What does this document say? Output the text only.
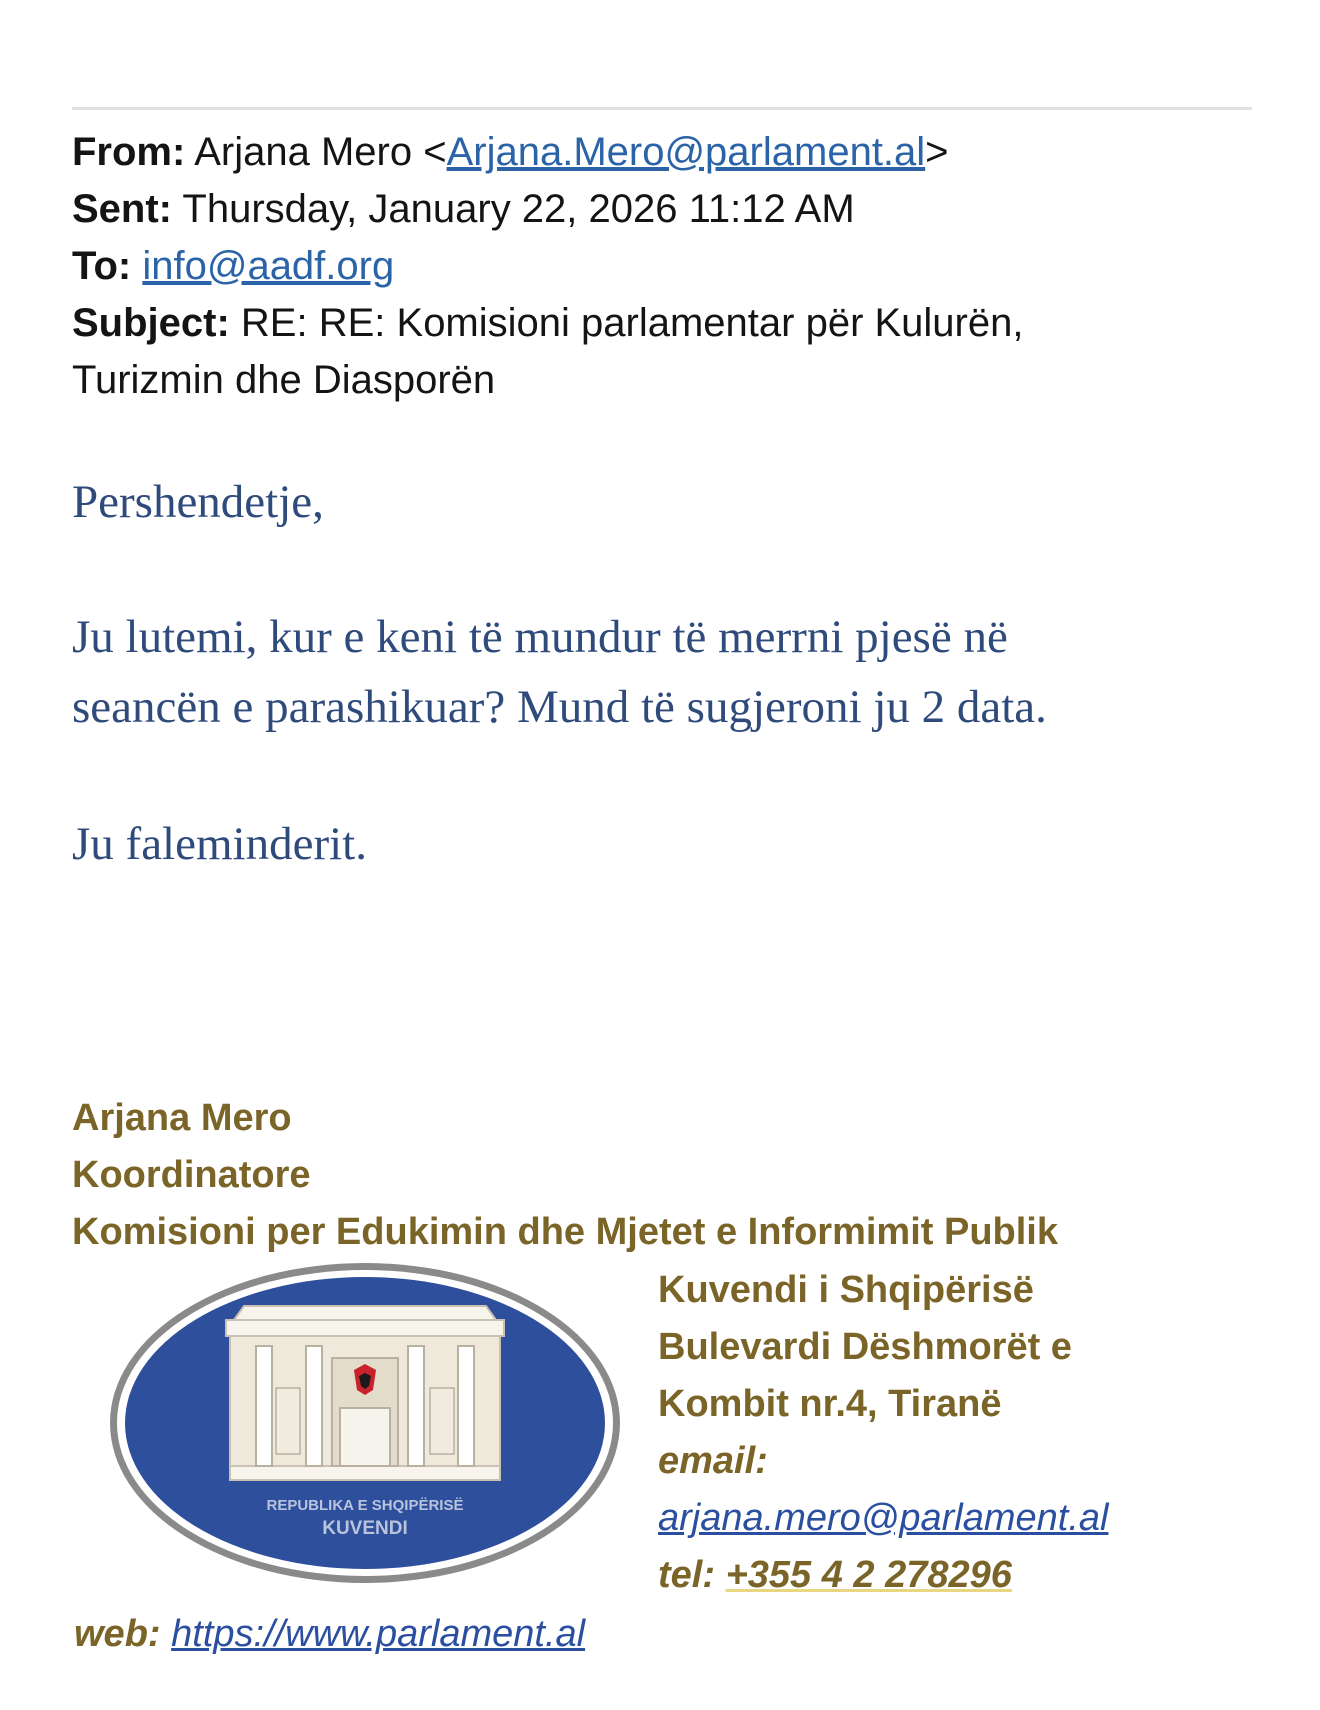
From: Arjana Mero <Arjana.Mero@parlament.al>
Sent: Thursday, January 22, 2026 11:12 AM
To: info@aadf.org
Subject: RE: RE: Komisioni parlamentar për Kulurën,
Turizmin dhe Diasporën
Pershendetje,
Ju lutemi, kur e keni të mundur të merrni pjesë në
seancën e parashikuar? Mund të sugjeroni ju 2 data.
Ju faleminderit.
Arjana Mero
Koordinatore
Komisioni per Edukimin dhe Mjetet e Informimit Publik
REPUBLIKA E SHQIPËRISË
KUVENDI
Kuvendi i Shqipërisë
Bulevardi Dëshmorët e
Kombit nr.4, Tiranë
email:
arjana.mero@parlament.al
tel: +355 4 2 278296
web: https://www.parlament.al
